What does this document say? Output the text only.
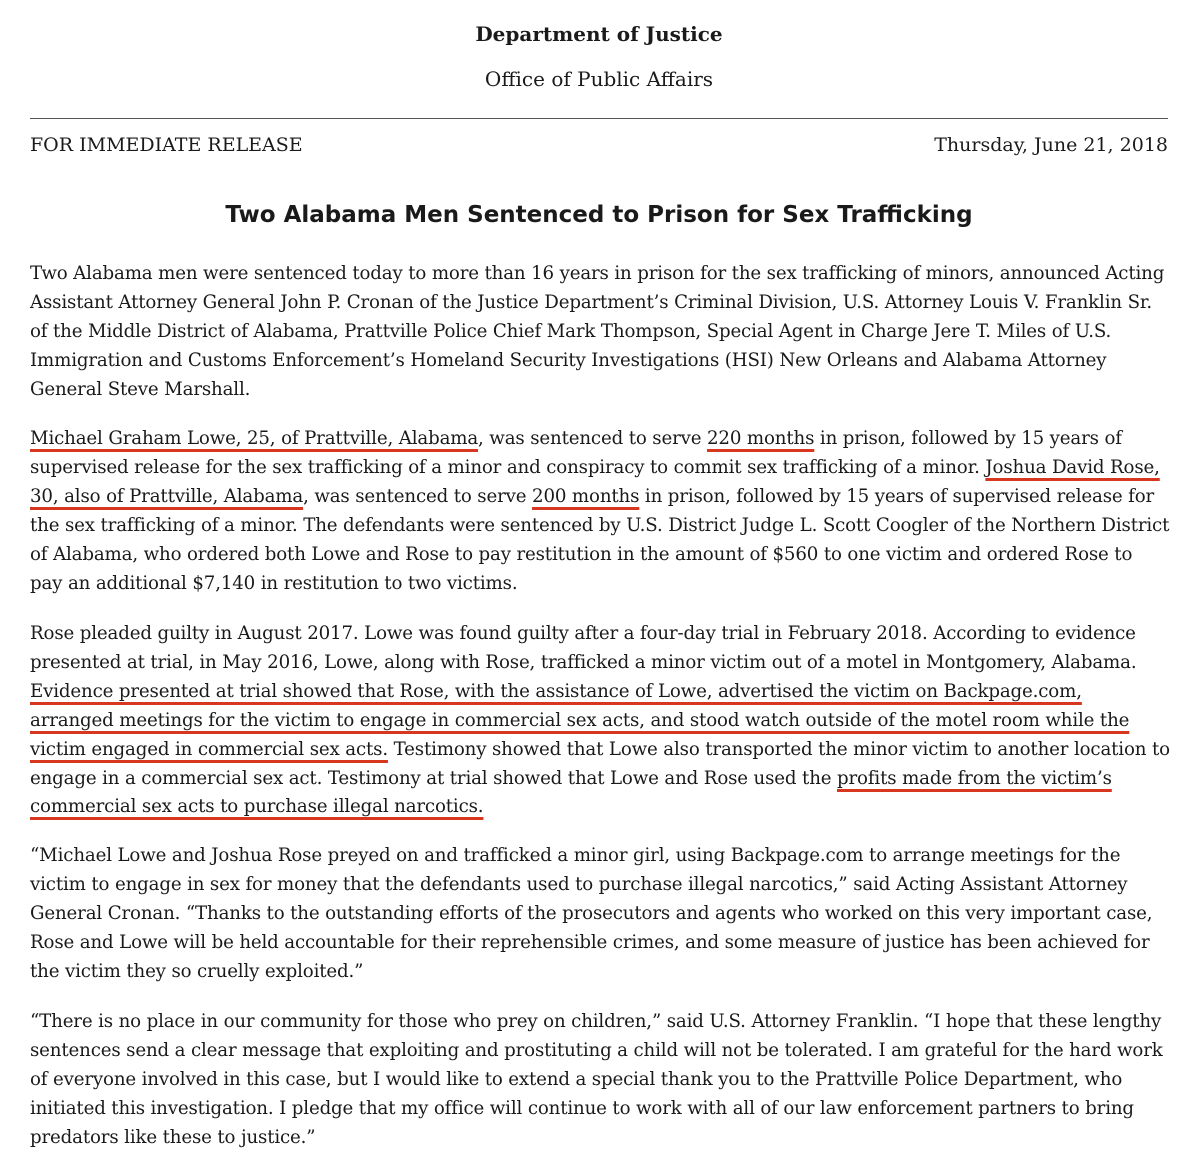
Department of Justice
Office of Public Affairs
FOR IMMEDIATE RELEASE	Thursday, June 21, 2018
Two Alabama Men Sentenced to Prison for Sex Trafficking

Two Alabama men were sentenced today to more than 16 years in prison for the sex trafficking of minors, announced Acting Assistant Attorney General John P. Cronan of the Justice Department’s Criminal Division, U.S. Attorney Louis V. Franklin Sr. of the Middle District of Alabama, Prattville Police Chief Mark Thompson, Special Agent in Charge Jere T. Miles of U.S. Immigration and Customs Enforcement’s Homeland Security Investigations (HSI) New Orleans and Alabama Attorney General Steve Marshall.

Michael Graham Lowe, 25, of Prattville, Alabama, was sentenced to serve 220 months in prison, followed by 15 years of supervised release for the sex trafficking of a minor and conspiracy to commit sex trafficking of a minor. Joshua David Rose, 30, also of Prattville, Alabama, was sentenced to serve 200 months in prison, followed by 15 years of supervised release for the sex trafficking of a minor. The defendants were sentenced by U.S. District Judge L. Scott Coogler of the Northern District of Alabama, who ordered both Lowe and Rose to pay restitution in the amount of $560 to one victim and ordered Rose to pay an additional $7,140 in restitution to two victims.

Rose pleaded guilty in August 2017. Lowe was found guilty after a four-day trial in February 2018. According to evidence presented at trial, in May 2016, Lowe, along with Rose, trafficked a minor victim out of a motel in Montgomery, Alabama. Evidence presented at trial showed that Rose, with the assistance of Lowe, advertised the victim on Backpage.com, arranged meetings for the victim to engage in commercial sex acts, and stood watch outside of the motel room while the victim engaged in commercial sex acts. Testimony showed that Lowe also transported the minor victim to another location to engage in a commercial sex act. Testimony at trial showed that Lowe and Rose used the profits made from the victim’s commercial sex acts to purchase illegal narcotics.

“Michael Lowe and Joshua Rose preyed on and trafficked a minor girl, using Backpage.com to arrange meetings for the victim to engage in sex for money that the defendants used to purchase illegal narcotics,” said Acting Assistant Attorney General Cronan. “Thanks to the outstanding efforts of the prosecutors and agents who worked on this very important case, Rose and Lowe will be held accountable for their reprehensible crimes, and some measure of justice has been achieved for the victim they so cruelly exploited.”

“There is no place in our community for those who prey on children,” said U.S. Attorney Franklin. “I hope that these lengthy sentences send a clear message that exploiting and prostituting a child will not be tolerated. I am grateful for the hard work of everyone involved in this case, but I would like to extend a special thank you to the Prattville Police Department, who initiated this investigation. I pledge that my office will continue to work with all of our law enforcement partners to bring predators like these to justice.”
